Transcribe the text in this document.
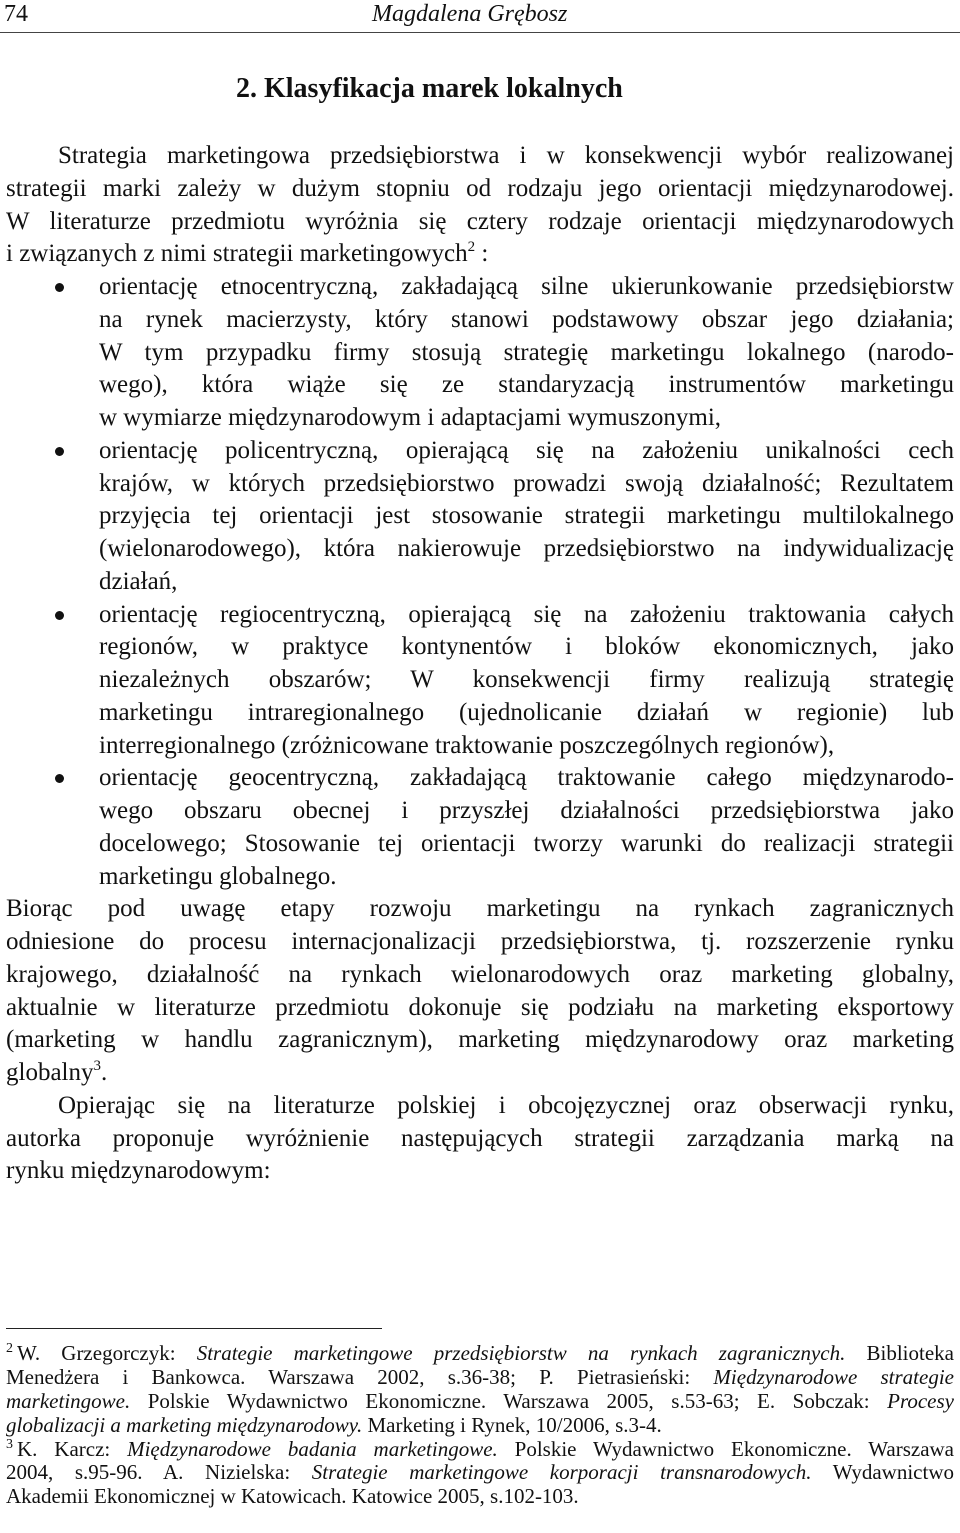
74	Magdalena Grębosz
2. Klasyfikacja marek lokalnych
Strategia marketingowa przedsiębiorstwa i w konsekwencji wybór realizowanej
strategii marki zależy w dużym stopniu od rodzaju jego orientacji międzynarodowej.
W literaturze przedmiotu wyróżnia się cztery rodzaje orientacji międzynarodowych
i związanych z nimi strategii marketingowych$^2$ :
orientację etnocentryczną, zakładającą silne ukierunkowanie przedsiębiorstw
na rynek macierzysty, który stanowi podstawowy obszar jego działania;
W tym przypadku firmy stosują strategię marketingu lokalnego (narodo-
wego), która wiąże się ze standaryzacją instrumentów marketingu
w wymiarze międzynarodowym i adaptacjami wymuszonymi,
orientację policentryczną, opierającą się na założeniu unikalności cech
krajów, w których przedsiębiorstwo prowadzi swoją działalność; Rezultatem
przyjęcia tej orientacji jest stosowanie strategii marketingu multilokalnego
(wielonarodowego), która nakierowuje przedsiębiorstwo na indywidualizację
działań,
orientację regiocentryczną, opierającą się na założeniu traktowania całych
regionów, w praktyce kontynentów i bloków ekonomicznych, jako
niezależnych obszarów; W konsekwencji firmy realizują strategię
marketingu intraregionalnego (ujednolicanie działań w regionie) lub
interregionalnego (zróżnicowane traktowanie poszczególnych regionów),
orientację geocentryczną, zakładającą traktowanie całego międzynarodo-
wego obszaru obecnej i przyszłej działalności przedsiębiorstwa jako
docelowego; Stosowanie tej orientacji tworzy warunki do realizacji strategii
marketingu globalnego.
Biorąc pod uwagę etapy rozwoju marketingu na rynkach zagranicznych
odniesione do procesu internacjonalizacji przedsiębiorstwa, tj. rozszerzenie rynku
krajowego, działalność na rynkach wielonarodowych oraz marketing globalny,
aktualnie w literaturze przedmiotu dokonuje się podziału na marketing eksportowy
(marketing w handlu zagranicznym), marketing międzynarodowy oraz marketing
globalny$^3$.
Opierając się na literaturze polskiej i obcojęzycznej oraz obserwacji rynku,
autorka proponuje wyróżnienie następujących strategii zarządzania marką na
rynku międzynarodowym:
$^2$ W. Grzegorczyk: Strategie marketingowe przedsiębiorstw na rynkach zagranicznych. Biblioteka
Menedżera i Bankowca. Warszawa 2002, s.36-38; P. Pietrasieński: Międzynarodowe strategie
marketingowe. Polskie Wydawnictwo Ekonomiczne. Warszawa 2005, s.53-63; E. Sobczak: Procesy
globalizacji a marketing międzynarodowy. Marketing i Rynek, 10/2006, s.3-4.
$^3$ K. Karcz: Międzynarodowe badania marketingowe. Polskie Wydawnictwo Ekonomiczne. Warszawa
2004, s.95-96. A. Nizielska: Strategie marketingowe korporacji transnarodowych. Wydawnictwo
Akademii Ekonomicznej w Katowicach. Katowice 2005, s.102-103.
